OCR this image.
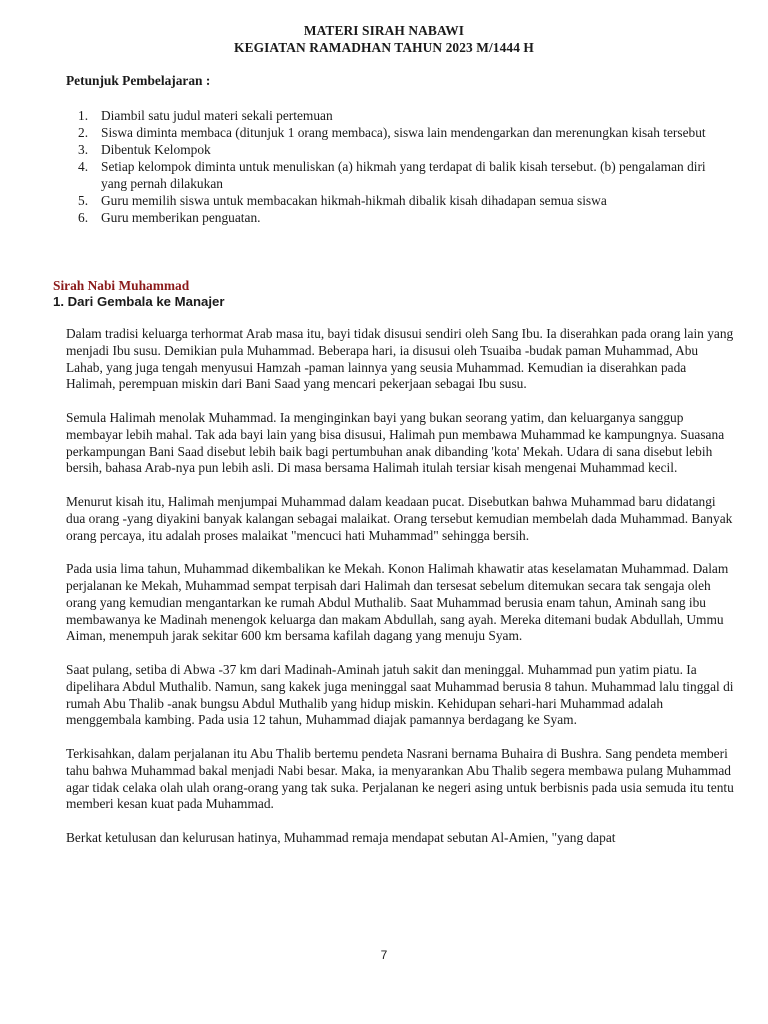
MATERI SIRAH NABAWI
KEGIATAN RAMADHAN TAHUN 2023 M/1444 H
Petunjuk Pembelajaran :
1. Diambil satu judul materi sekali pertemuan
2. Siswa diminta membaca (ditunjuk 1 orang membaca), siswa lain mendengarkan dan merenungkan kisah tersebut
3. Dibentuk Kelompok
4. Setiap kelompok diminta untuk menuliskan (a) hikmah yang terdapat di balik kisah tersebut. (b) pengalaman diri yang pernah dilakukan
5. Guru memilih siswa untuk membacakan hikmah-hikmah dibalik kisah dihadapan semua siswa
6. Guru memberikan penguatan.
Sirah Nabi Muhammad
1. Dari Gembala ke Manajer

Dalam tradisi keluarga terhormat Arab masa itu, bayi tidak disusui sendiri oleh Sang Ibu. Ia diserahkan pada orang lain yang menjadi Ibu susu. Demikian pula Muhammad. Beberapa hari, ia disusui oleh Tsuaiba -budak paman Muhammad, Abu Lahab, yang juga tengah menyusui Hamzah -paman lainnya yang seusia Muhammad. Kemudian ia diserahkan pada Halimah, perempuan miskin dari Bani Saad yang mencari pekerjaan sebagai Ibu susu.

Semula Halimah menolak Muhammad. Ia menginginkan bayi yang bukan seorang yatim, dan keluarganya sanggup membayar lebih mahal. Tak ada bayi lain yang bisa disusui, Halimah pun membawa Muhammad ke kampungnya. Suasana perkampungan Bani Saad disebut lebih baik bagi pertumbuhan anak dibanding 'kota' Mekah. Udara di sana disebut lebih bersih, bahasa Arab-nya pun lebih asli. Di masa bersama Halimah itulah tersiar kisah mengenai Muhammad kecil.

Menurut kisah itu, Halimah menjumpai Muhammad dalam keadaan pucat. Disebutkan bahwa Muhammad baru didatangi dua orang -yang diyakini banyak kalangan sebagai malaikat. Orang tersebut kemudian membelah dada Muhammad. Banyak orang percaya, itu adalah proses malaikat "mencuci hati Muhammad" sehingga bersih.

Pada usia lima tahun, Muhammad dikembalikan ke Mekah. Konon Halimah khawatir atas keselamatan Muhammad. Dalam perjalanan ke Mekah, Muhammad sempat terpisah dari Halimah dan tersesat sebelum ditemukan secara tak sengaja oleh orang yang kemudian mengantarkan ke rumah Abdul Muthalib. Saat Muhammad berusia enam tahun, Aminah sang ibu membawanya ke Madinah menengok keluarga dan makam Abdullah, sang ayah. Mereka ditemani budak Abdullah, Ummu Aiman, menempuh jarak sekitar 600 km bersama kafilah dagang yang menuju Syam.

Saat pulang, setiba di Abwa -37 km dari Madinah-Aminah jatuh sakit dan meninggal. Muhammad pun yatim piatu. Ia dipelihara Abdul Muthalib. Namun, sang kakek juga meninggal saat Muhammad berusia 8 tahun. Muhammad lalu tinggal di rumah Abu Thalib -anak bungsu Abdul Muthalib yang hidup miskin. Kehidupan sehari-hari Muhammad adalah menggembala kambing. Pada usia 12 tahun, Muhammad diajak pamannya berdagang ke Syam.

Terkisahkan, dalam perjalanan itu Abu Thalib bertemu pendeta Nasrani bernama Buhaira di Bushra. Sang pendeta memberi tahu bahwa Muhammad bakal menjadi Nabi besar. Maka, ia menyarankan Abu Thalib segera membawa pulang Muhammad agar tidak celaka olah ulah orang-orang yang tak suka. Perjalanan ke negeri asing untuk berbisnis pada usia semuda itu tentu memberi kesan kuat pada Muhammad.

Berkat ketulusan dan kelurusan hatinya, Muhammad remaja mendapat sebutan Al-Amien, "yang dapat

7
